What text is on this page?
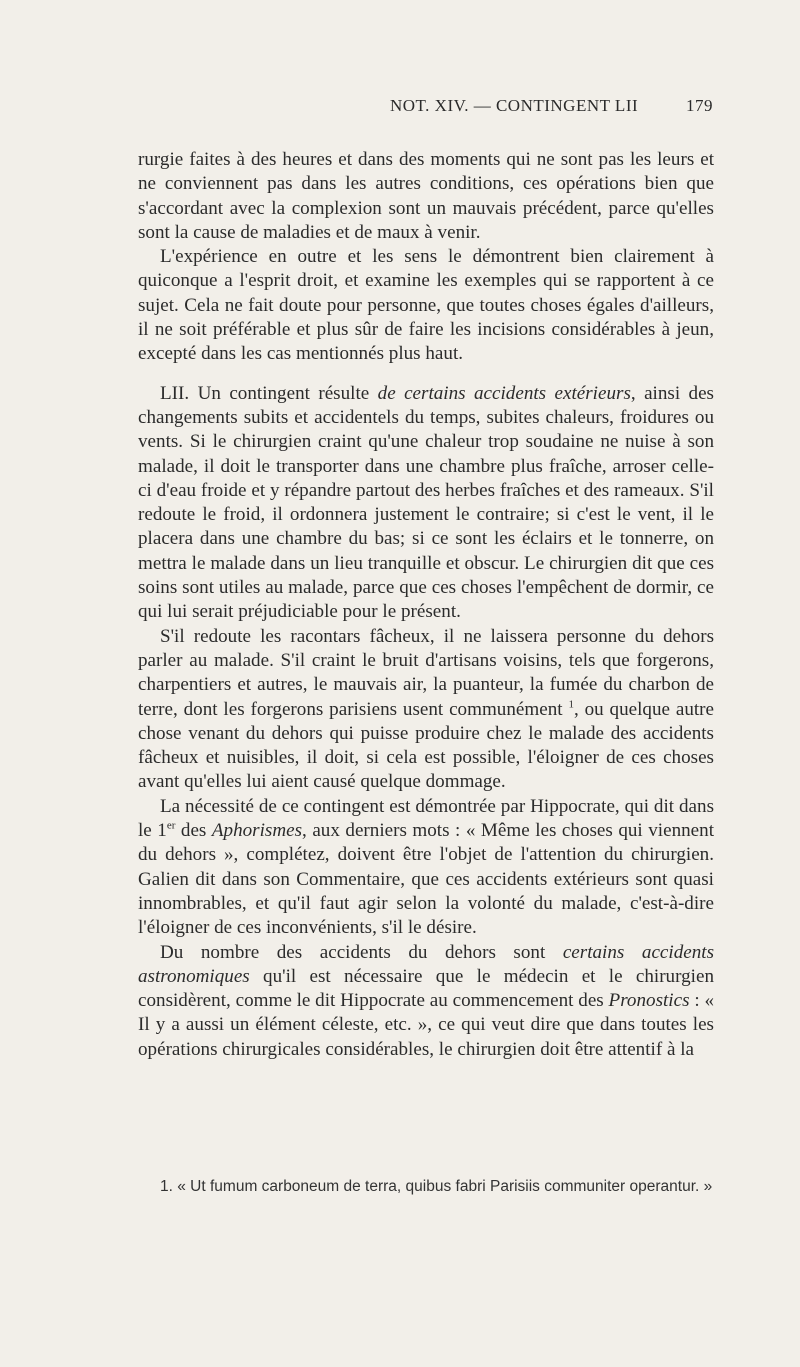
NOT. XIV. — CONTINGENT LII	179

rurgie faites à des heures et dans des moments qui ne sont pas les leurs et ne conviennent pas dans les autres conditions, ces opérations bien que s'accordant avec la complexion sont un mauvais précédent, parce qu'elles sont la cause de maladies et de maux à venir.

L'expérience en outre et les sens le démontrent bien clairement à quiconque a l'esprit droit, et examine les exemples qui se rapportent à ce sujet. Cela ne fait doute pour personne, que toutes choses égales d'ailleurs, il ne soit préférable et plus sûr de faire les incisions considérables à jeun, excepté dans les cas mentionnés plus haut.

LII. Un contingent résulte de certains accidents extérieurs, ainsi des changements subits et accidentels du temps, subites chaleurs, froidures ou vents. Si le chirurgien craint qu'une chaleur trop soudaine ne nuise à son malade, il doit le transporter dans une chambre plus fraîche, arroser celle-ci d'eau froide et y répandre partout des herbes fraîches et des rameaux. S'il redoute le froid, il ordonnera justement le contraire; si c'est le vent, il le placera dans une chambre du bas; si ce sont les éclairs et le tonnerre, on mettra le malade dans un lieu tranquille et obscur. Le chirurgien dit que ces soins sont utiles au malade, parce que ces choses l'empêchent de dormir, ce qui lui serait préjudiciable pour le présent.

S'il redoute les racontars fâcheux, il ne laissera personne du dehors parler au malade. S'il craint le bruit d'artisans voisins, tels que forgerons, charpentiers et autres, le mauvais air, la puanteur, la fumée du charbon de terre, dont les forgerons parisiens usent communément $^1$, ou quelque autre chose venant du dehors qui puisse produire chez le malade des accidents fâcheux et nuisibles, il doit, si cela est possible, l'éloigner de ces choses avant qu'elles lui aient causé quelque dommage.

La nécessité de ce contingent est démontrée par Hippocrate, qui dit dans le 1er des Aphorismes, aux derniers mots : « Même les choses qui viennent du dehors », complétez, doivent être l'objet de l'attention du chirurgien. Galien dit dans son Commentaire, que ces accidents extérieurs sont quasi innombrables, et qu'il faut agir selon la volonté du malade, c'est-à-dire l'éloigner de ces inconvénients, s'il le désire.

Du nombre des accidents du dehors sont certains accidents astronomiques qu'il est nécessaire que le médecin et le chirurgien considèrent, comme le dit Hippocrate au commencement des Pronostics : « Il y a aussi un élément céleste, etc. », ce qui veut dire que dans toutes les opérations chirurgicales considérables, le chirurgien doit être attentif à la

1. « Ut fumum carboneum de terra, quibus fabri Parisiis communiter operantur. »
